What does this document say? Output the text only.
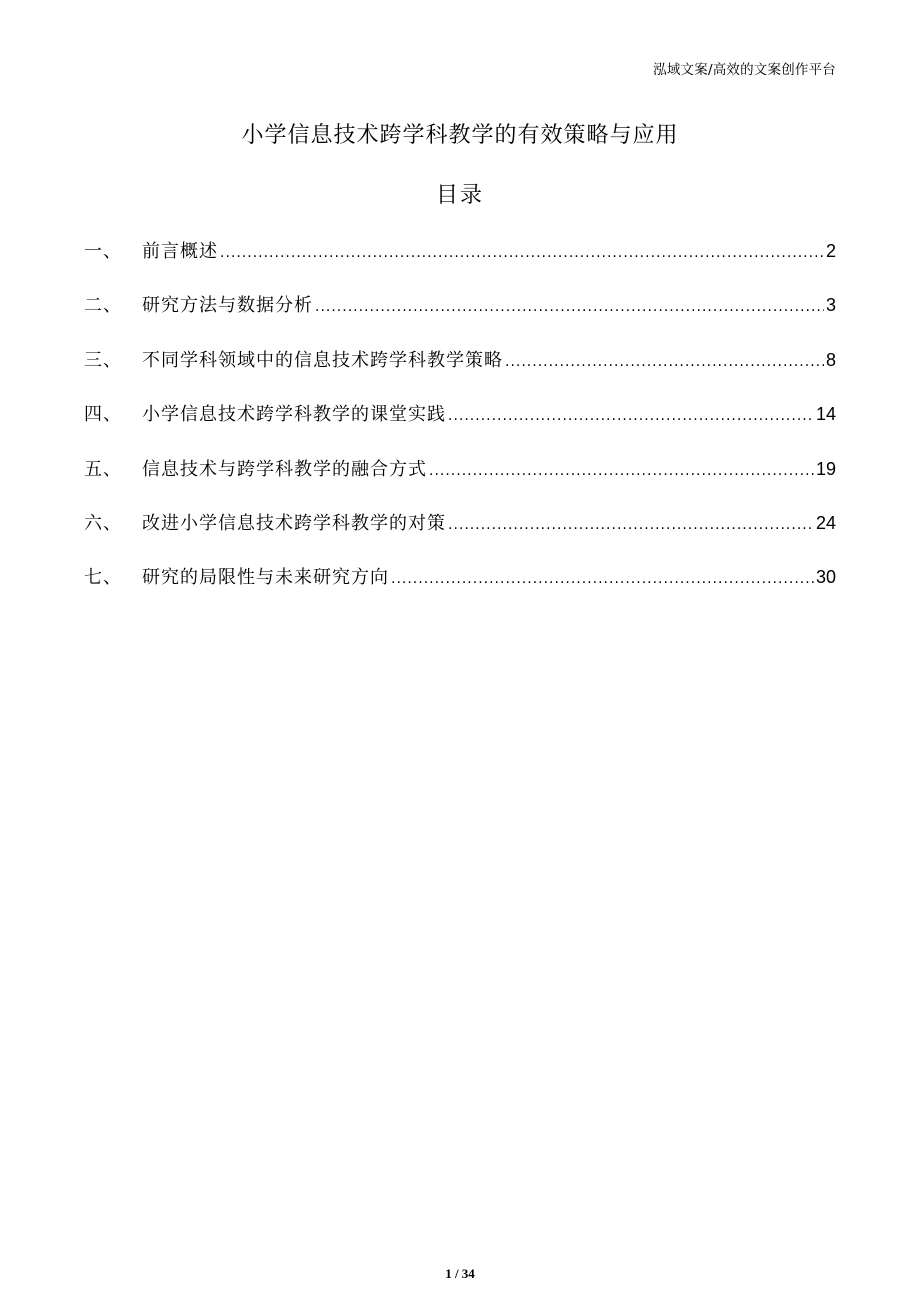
泓域文案/高效的文案创作平台
小学信息技术跨学科教学的有效策略与应用
目录
一、	前言概述 .....	2
二、	研究方法与数据分析 .....	3
三、	不同学科领域中的信息技术跨学科教学策略 .....	8
四、	小学信息技术跨学科教学的课堂实践 .....	14
五、	信息技术与跨学科教学的融合方式 .....	19
六、	改进小学信息技术跨学科教学的对策 .....	24
七、	研究的局限性与未来研究方向 .....	30
1 / 34
